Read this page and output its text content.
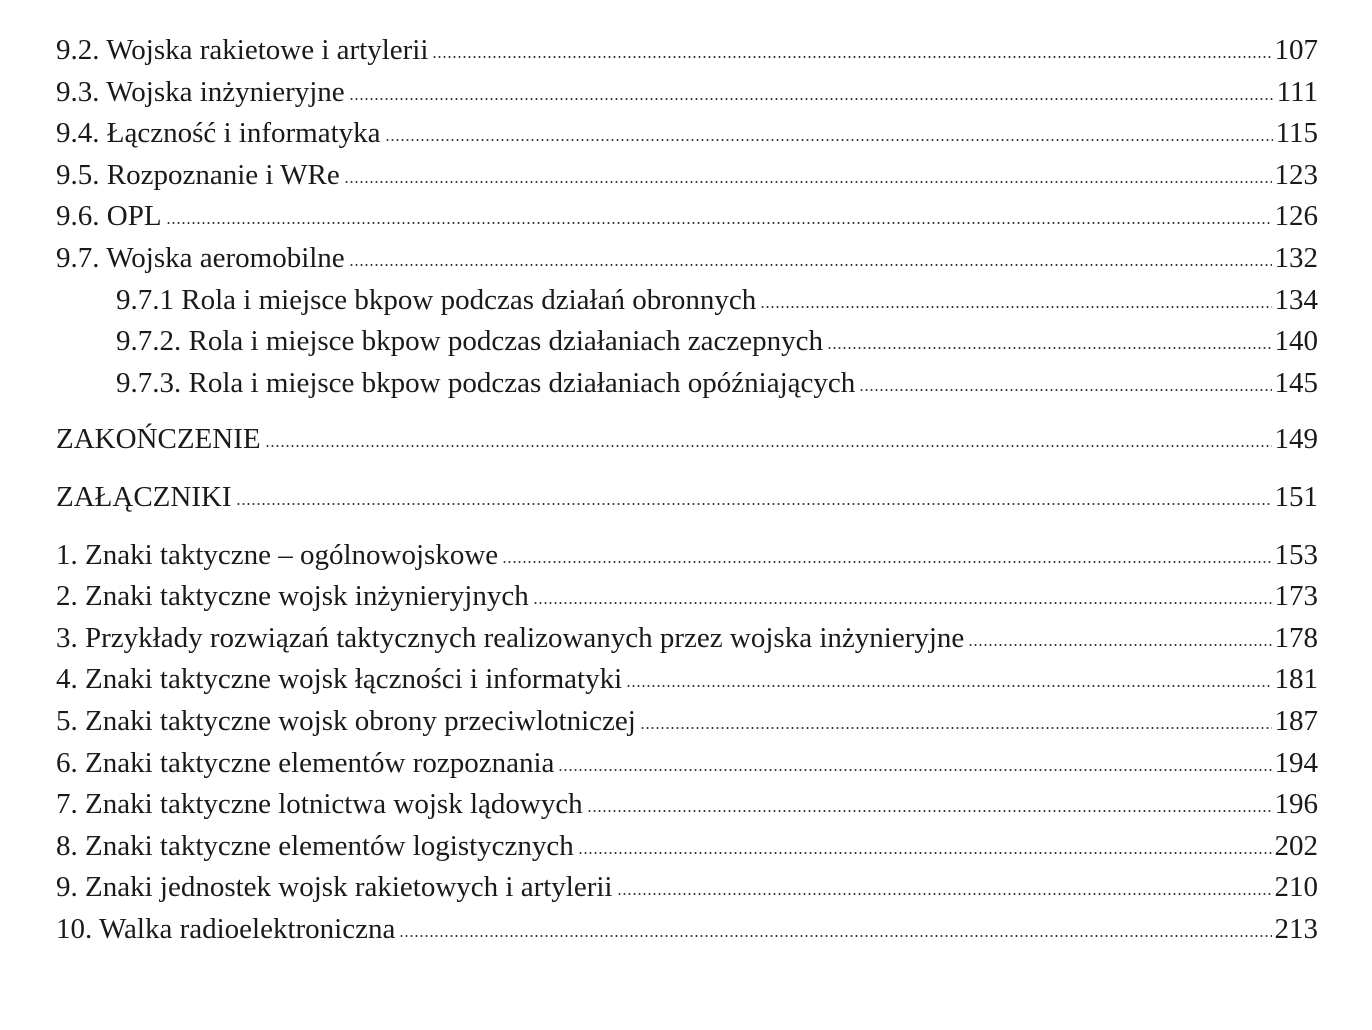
9.2. Wojska rakietowe i artylerii	107
9.3. Wojska inżynieryjne	111
9.4. Łączność i informatyka	115
9.5. Rozpoznanie i WRe	123
9.6. OPL	126
9.7. Wojska aeromobilne	132
9.7.1 Rola i miejsce bkpow podczas działań obronnych	134
9.7.2. Rola i miejsce bkpow podczas działaniach zaczepnych	140
9.7.3. Rola i miejsce bkpow podczas działaniach opóźniających	145
ZAKOŃCZENIE	149
ZAŁĄCZNIKI	151
1. Znaki taktyczne – ogólnowojskowe	153
2. Znaki taktyczne wojsk inżynieryjnych	173
3. Przykłady rozwiązań taktycznych realizowanych przez wojska inżynieryjne	178
4. Znaki taktyczne wojsk łączności i informatyki	181
5. Znaki taktyczne wojsk obrony przeciwlotniczej	187
6. Znaki taktyczne elementów rozpoznania	194
7. Znaki taktyczne lotnictwa wojsk lądowych	196
8. Znaki taktyczne elementów logistycznych	202
9. Znaki jednostek wojsk rakietowych i artylerii	210
10. Walka radioelektroniczna	213
